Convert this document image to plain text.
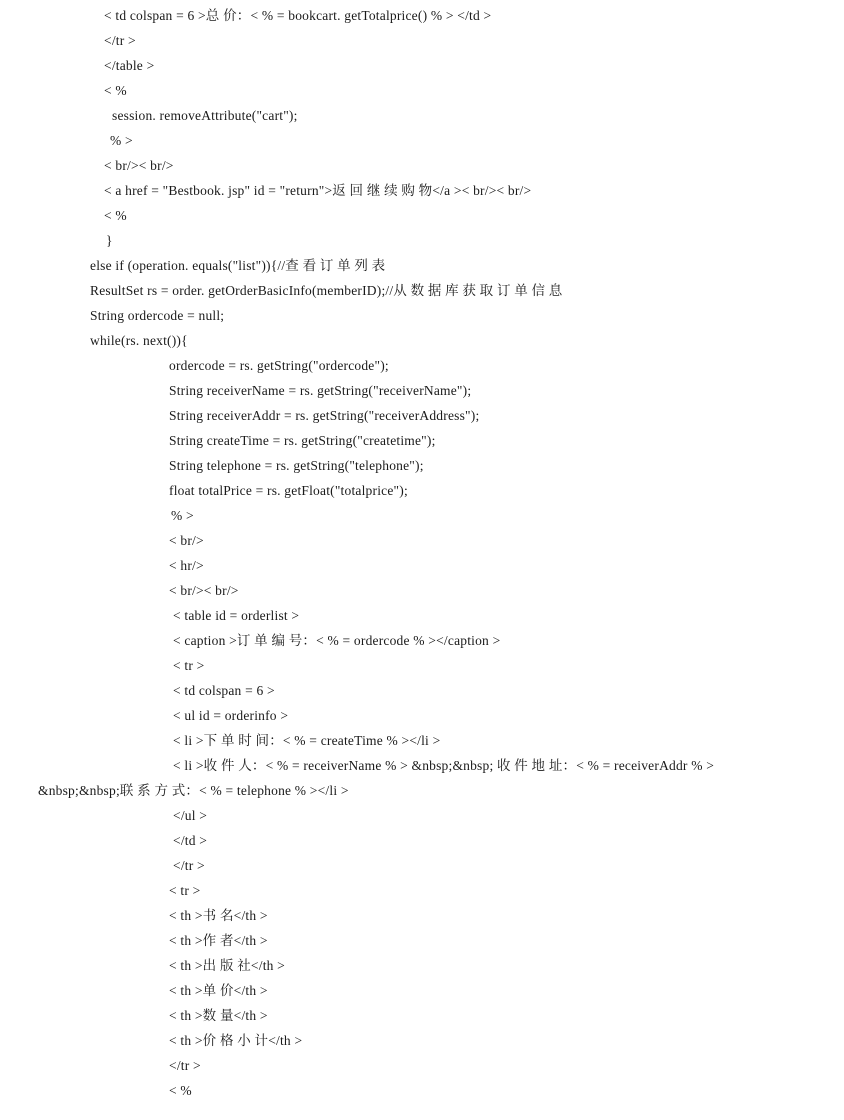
< td colspan = 6 >总 价：< % = bookcart. getTotalprice() % > </td >
</tr >
</table >
< %
session. removeAttribute("cart");
% >
< br/>< br/>
< a href = "Bestbook. jsp" id = "return">返 回 继 续 购 物</a >< br/>< br/>
< %
}
else if (operation. equals("list")){//查 看 订 单 列 表
ResultSet rs = order. getOrderBasicInfo(memberID);//从 数 据 库 获 取 订 单 信 息
String ordercode = null;
while(rs. next()){
ordercode = rs. getString("ordercode");
String receiverName = rs. getString("receiverName");
String receiverAddr = rs. getString("receiverAddress");
String createTime = rs. getString("createtime");
String telephone = rs. getString("telephone");
float totalPrice = rs. getFloat("totalprice");
% >
< br/>
< hr/>
< br/>< br/>
< table id = orderlist >
< caption >订 单 编 号：< % = ordercode % ></caption >
< tr >
< td colspan = 6 >
< ul id = orderinfo >
< li >下 单 时 间：< % = createTime % ></li >
< li >收 件 人：< % = receiverName % > &nbsp;&nbsp; 收 件 地 址：< % = receiverAddr % >
&nbsp;&nbsp;联 系 方 式：< % = telephone % ></li >
</ul >
</td >
</tr >
< tr >
< th >书 名</th >
< th >作 者</th >
< th >出 版 社</th >
< th >单 价</th >
< th >数 量</th >
< th >价 格 小 计</th >
</tr >
< %
